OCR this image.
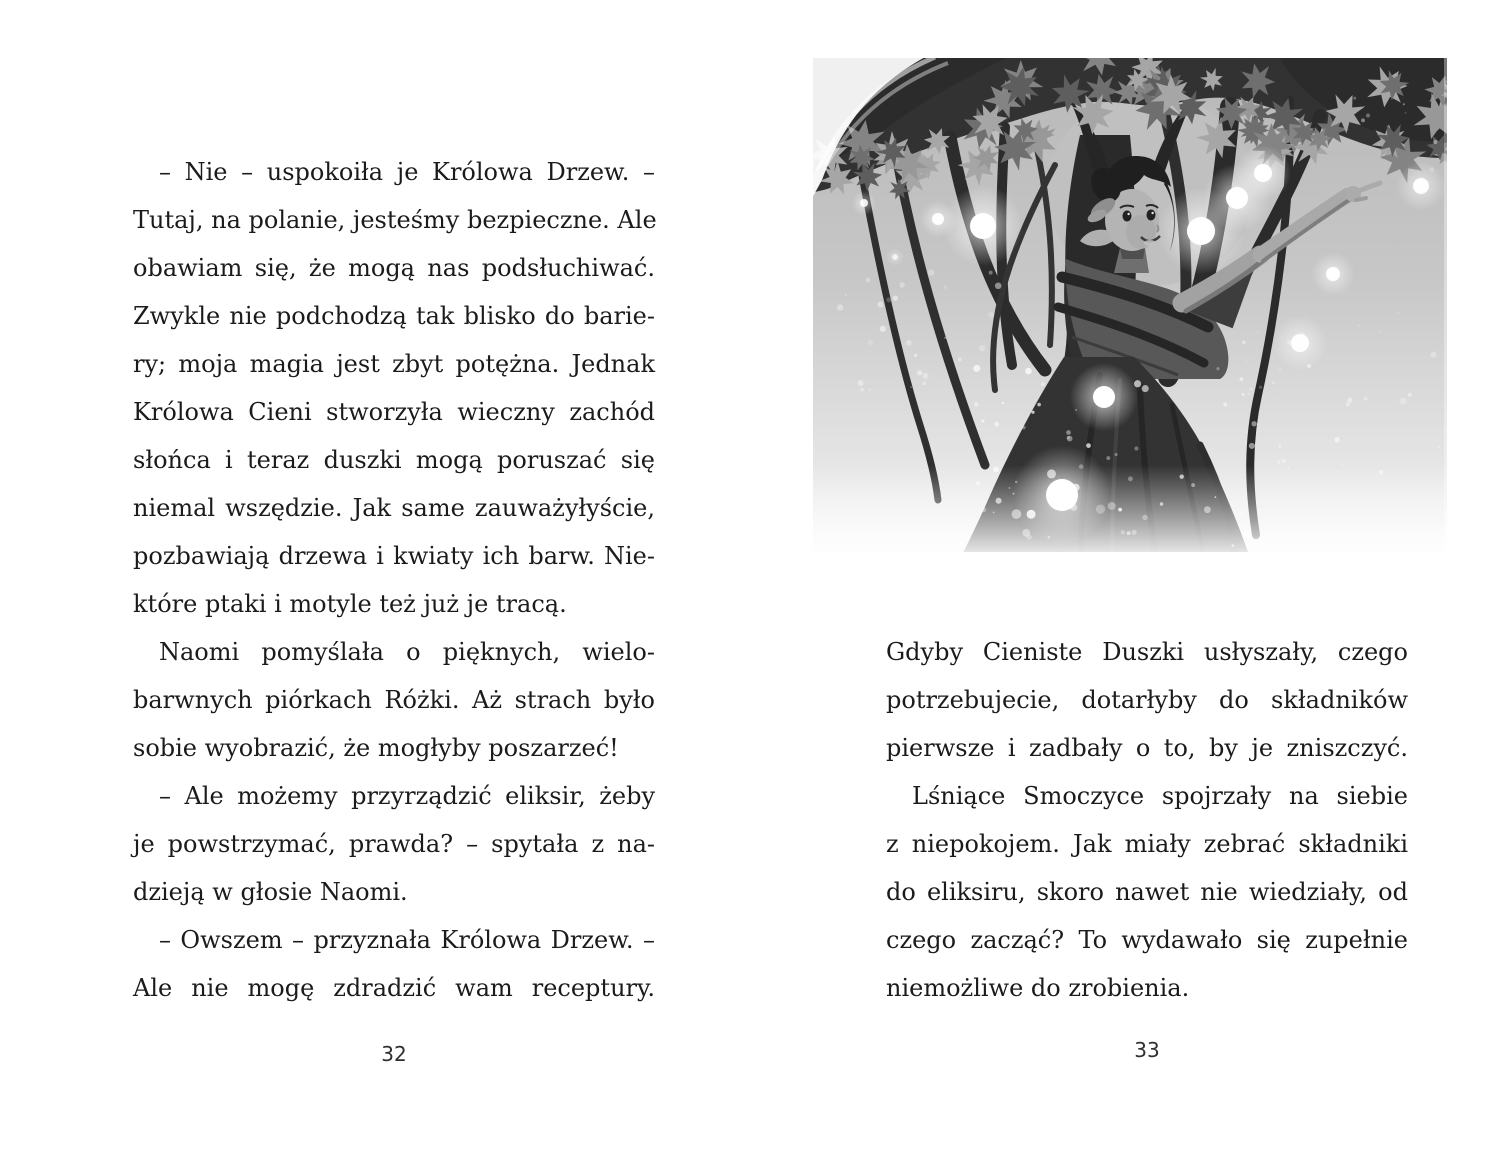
– Nie – uspokoiła je Królowa Drzew. –
Tutaj, na polanie, jesteśmy bezpieczne. Ale
obawiam się, że mogą nas podsłuchiwać.
Zwykle nie podchodzą tak blisko do barie-
ry; moja magia jest zbyt potężna. Jednak
Królowa Cieni stworzyła wieczny zachód
słońca i teraz duszki mogą poruszać się
niemal wszędzie. Jak same zauważyłyście,
pozbawiają drzewa i kwiaty ich barw. Nie-
które ptaki i motyle też już je tracą.
Naomi pomyślała o pięknych, wielo-
barwnych piórkach Różki. Aż strach było
sobie wyobrazić, że mogłyby poszarzeć!
– Ale możemy przyrządzić eliksir, żeby
je powstrzymać, prawda? – spytała z na-
dzieją w głosie Naomi.
– Owszem – przyznała Królowa Drzew. –
Ale nie mogę zdradzić wam receptury.
32
Gdyby Cieniste Duszki usłyszały, czego
potrzebujecie, dotarłyby do składników
pierwsze i zadbały o to, by je zniszczyć.
Lśniące Smoczyce spojrzały na siebie
z niepokojem. Jak miały zebrać składniki
do eliksiru, skoro nawet nie wiedziały, od
czego zacząć? To wydawało się zupełnie
niemożliwe do zrobienia.
33
